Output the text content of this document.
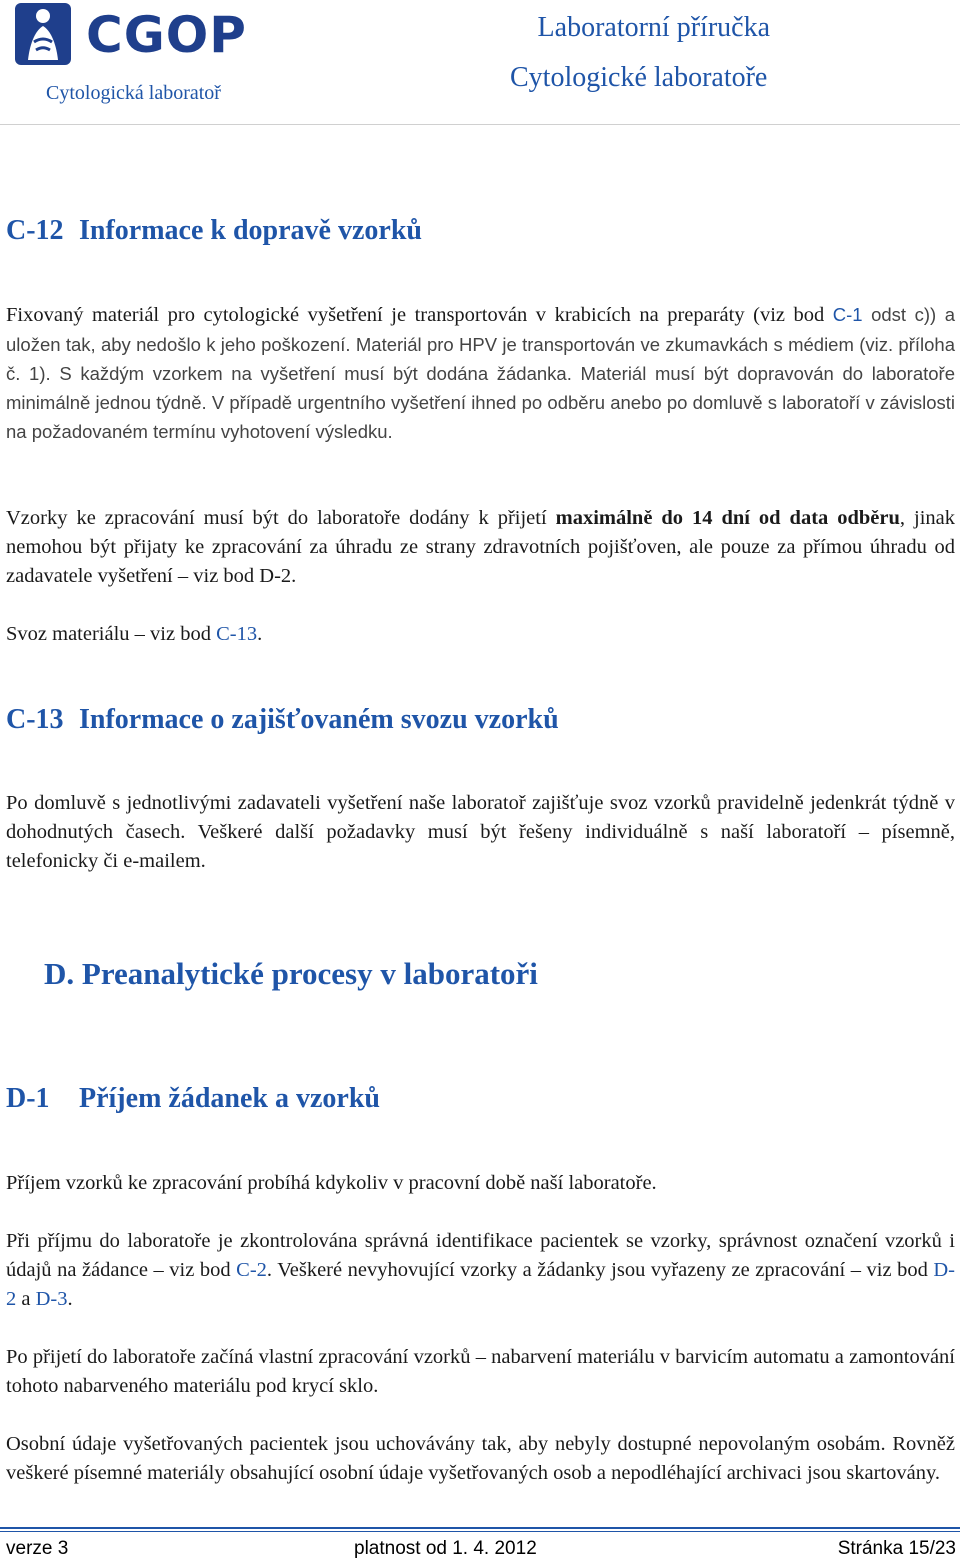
CGOP
Cytologická laboratoř
Laboratorní příručka
Cytologické laboratoře
C-12 Informace k dopravě vzorků
Fixovaný materiál pro cytologické vyšetření je transportován v krabicích na preparáty (viz bod C-1 odst c)) a uložen tak, aby nedošlo k jeho poškození. Materiál pro HPV je transportován ve zkumavkách s médiem (viz. příloha č. 1). S každým vzorkem na vyšetření musí být dodána žádanka. Materiál musí být dopravován do laboratoře minimálně jednou týdně. V případě urgentního vyšetření ihned po odběru anebo po domluvě s laboratoří v závislosti na požadovaném termínu vyhotovení výsledku.
Vzorky ke zpracování musí být do laboratoře dodány k přijetí maximálně do 14 dní od data odběru, jinak nemohou být přijaty ke zpracování za úhradu ze strany zdravotních pojišťoven, ale pouze za přímou úhradu od zadavatele vyšetření – viz bod D-2.
Svoz materiálu – viz bod C-13.
C-13 Informace o zajišťovaném svozu vzorků
Po domluvě s jednotlivými zadavateli vyšetření naše laboratoř zajišťuje svoz vzorků pravidelně jedenkrát týdně v dohodnutých časech. Veškeré další požadavky musí být řešeny individuálně s naší laboratoří – písemně, telefonicky či e-mailem.
D. Preanalytické procesy v laboratoři
D-1 Příjem žádanek a vzorků
Příjem vzorků ke zpracování probíhá kdykoliv v pracovní době naší laboratoře.
Při příjmu do laboratoře je zkontrolována správná identifikace pacientek se vzorky, správnost označení vzorků i údajů na žádance – viz bod C-2. Veškeré nevyhovující vzorky a žádanky jsou vyřazeny ze zpracování – viz bod D-2 a D-3.
Po přijetí do laboratoře začíná vlastní zpracování vzorků – nabarvení materiálu v barvicím automatu a zamontování tohoto nabarveného materiálu pod krycí sklo.
Osobní údaje vyšetřovaných pacientek jsou uchovávány tak, aby nebyly dostupné nepovolaným osobám. Rovněž veškeré písemné materiály obsahující osobní údaje vyšetřovaných osob a nepodléhající archivaci jsou skartovány.
verze 3	platnost od 1. 4. 2012	Stránka 15/23
